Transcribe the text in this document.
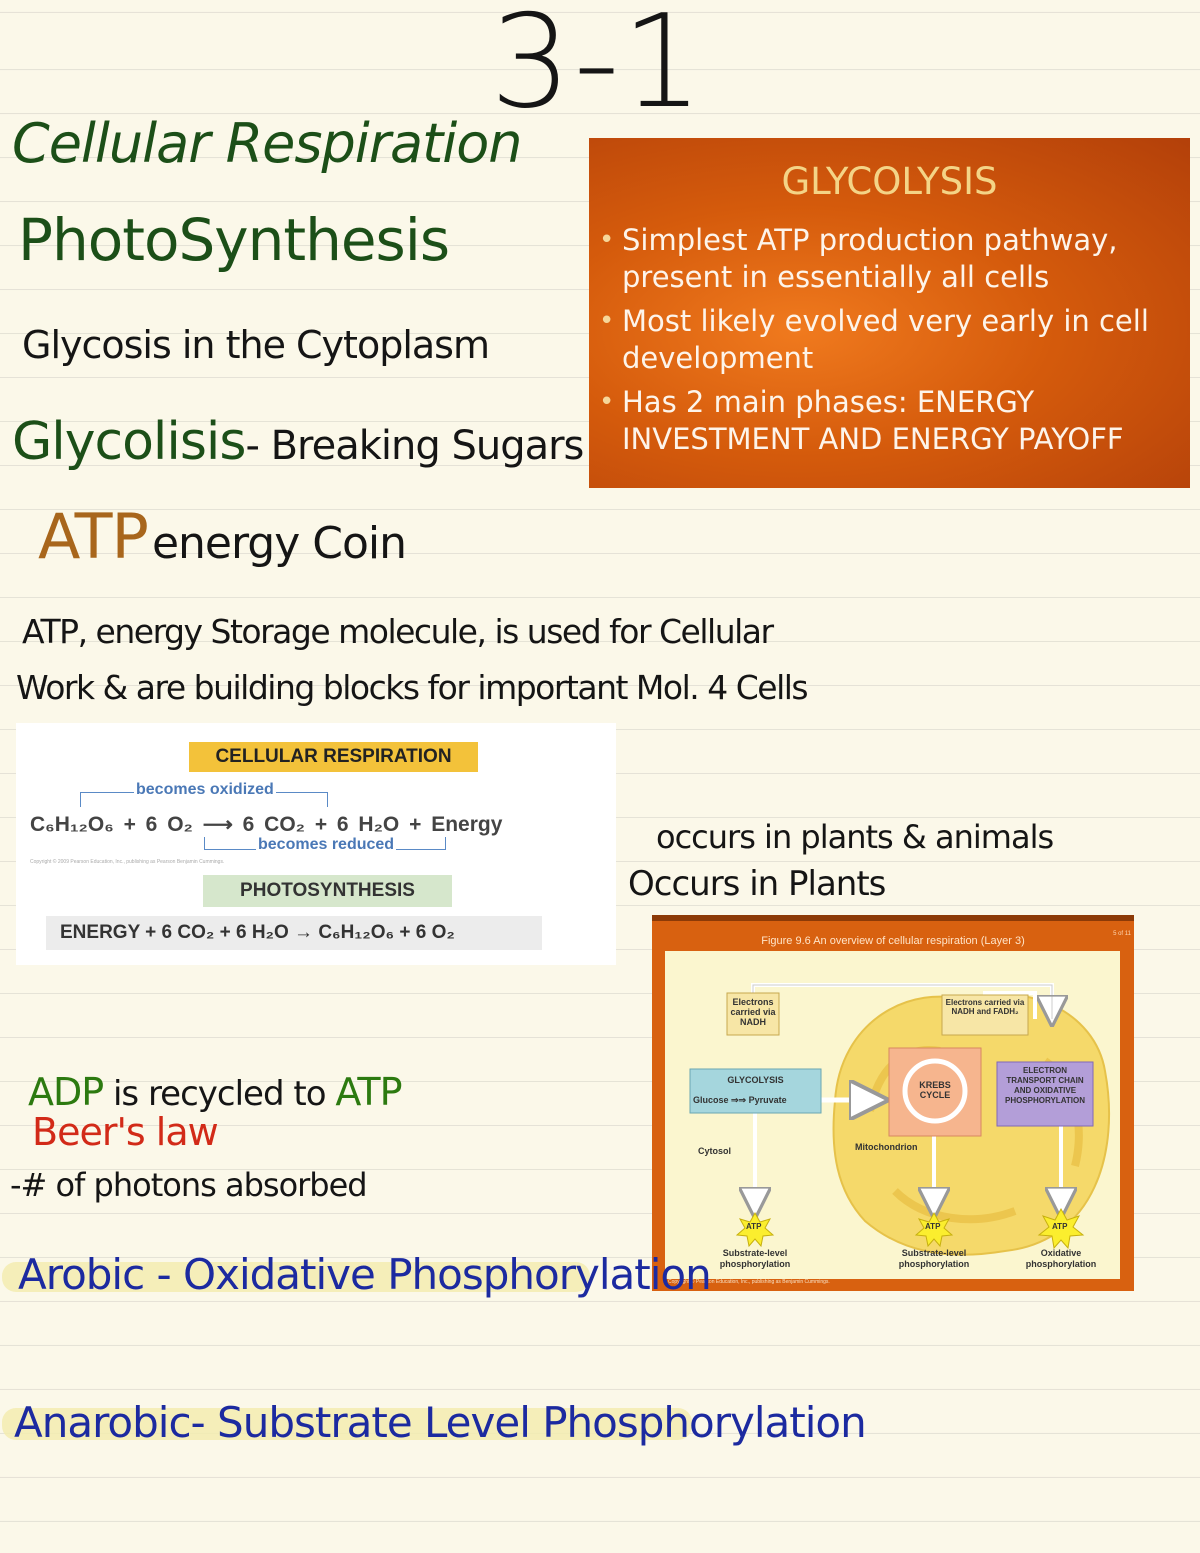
3-1
Cellular Respiration
PhotoSynthesis
Glycosis in the Cytoplasm
Glycolisis- Breaking Sugars
ATP energy Coin
ATP, energy Storage molecule, is used for Cellular
Work & are building blocks for important Mol. 4 Cells
GLYCOLYSIS
• Simplest ATP production pathway, present in essentially all cells
• Most likely evolved very early in cell development
• Has 2 main phases: ENERGY INVESTMENT AND ENERGY PAYOFF
CELLULAR RESPIRATION
becomes oxidized
C₆H₁₂O₆ + 6 O₂ ⟶ 6 CO₂ + 6 H₂O + Energy
becomes reduced
Copyright © 2009 Pearson Education, Inc., publishing as Pearson Benjamin Cummings.
PHOTOSYNTHESIS
ENERGY + 6 CO₂ + 6 H₂O → C₆H₁₂O₆ + 6 O₂
occurs in plants & animals
Occurs in Plants
Figure 9.6 An overview of cellular respiration (Layer 3)
5 of 11
Electrons carried via NADH
Electrons carried via NADH and FADH₂
GLYCOLYSIS
Glucose ⇒⇒ Pyruvate
KREBS CYCLE
ELECTRON TRANSPORT CHAIN AND OXIDATIVE PHOSPHORYLATION
Cytosol	Mitochondrion
ATP	ATP	ATP
Substrate-level phosphorylation
Substrate-level phosphorylation
Oxidative phosphorylation
Copyright © Pearson Education, Inc., publishing as Benjamin Cummings.
ADP is recycled to ATP
Beer's law
-# of photons absorbed
Arobic - Oxidative Phosphorylation
Anarobic- Substrate Level Phosphorylation
